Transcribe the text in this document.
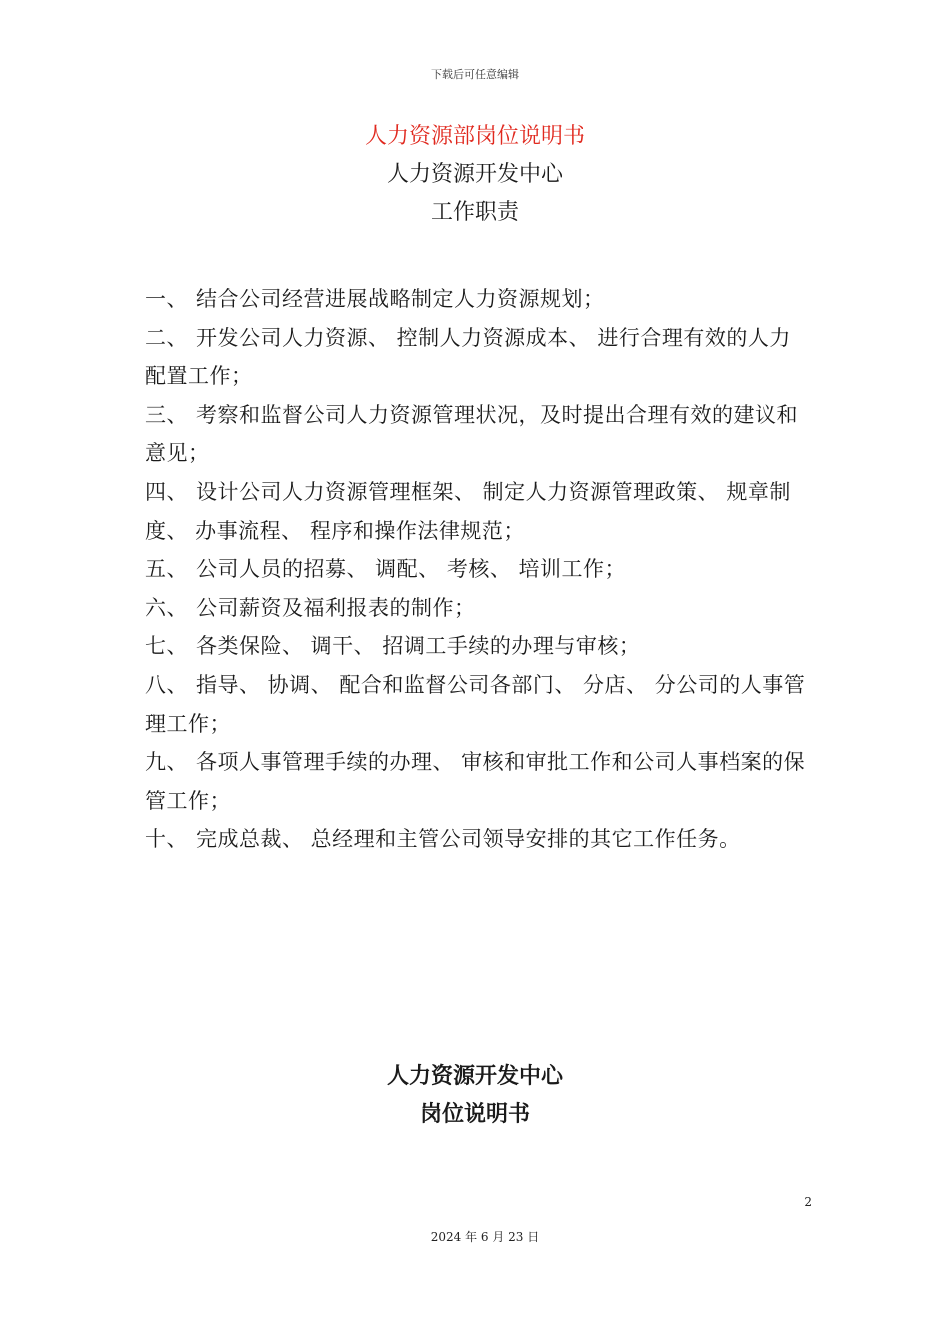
下载后可任意编辑
人力资源部岗位说明书
人力资源开发中心
工作职责
一、 结合公司经营进展战略制定人力资源规划；
二、 开发公司人力资源、 控制人力资源成本、 进行合理有效的人力配置工作；
三、 考察和监督公司人力资源管理状况，及时提出合理有效的建议和意见；
四、 设计公司人力资源管理框架、 制定人力资源管理政策、 规章制度、 办事流程、 程序和操作法律规范；
五、 公司人员的招募、 调配、 考核、 培训工作；
六、 公司薪资及福利报表的制作；
七、 各类保险、 调干、 招调工手续的办理与审核；
八、 指导、 协调、 配合和监督公司各部门、 分店、 分公司的人事管理工作；
九、 各项人事管理手续的办理、 审核和审批工作和公司人事档案的保管工作；
十、 完成总裁、 总经理和主管公司领导安排的其它工作任务。
人力资源开发中心
岗位说明书
2
2024 年 6 月 23 日
